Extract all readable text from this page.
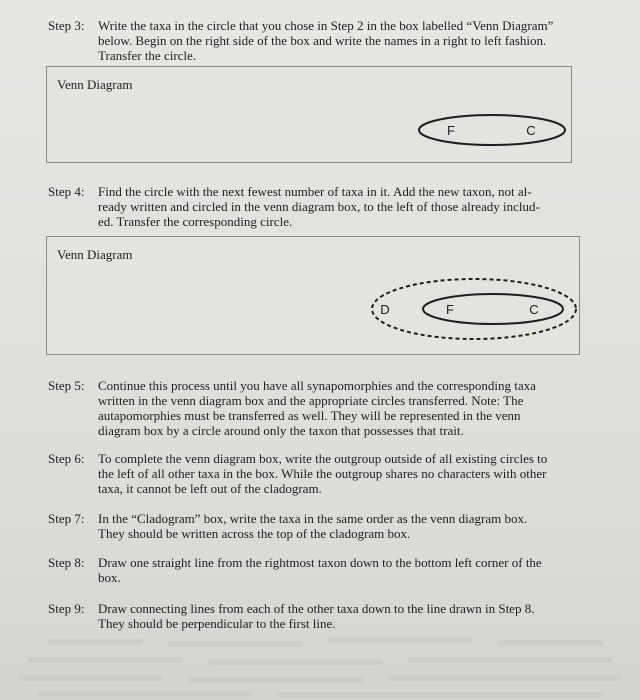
Step 3:	Write the taxa in the circle that you chose in Step 2 in the box labelled “Venn Diagram”
below. Begin on the right side of the box and write the names in a right to left fashion.
Transfer the circle.
Venn Diagram
F	C
Step 4:	Find the circle with the next fewest number of taxa in it. Add the new taxon, not al-
ready written and circled in the venn diagram box, to the left of those already includ-
ed. Transfer the corresponding circle.
Venn Diagram
D	F	C
Step 5:	Continue this process until you have all synapomorphies and the corresponding taxa
written in the venn diagram box and the appropriate circles transferred. Note: The
autapomorphies must be transferred as well. They will be represented in the venn
diagram box by a circle around only the taxon that possesses that trait.
Step 6:	To complete the venn diagram box, write the outgroup outside of all existing circles to
the left of all other taxa in the box. While the outgroup shares no characters with other
taxa, it cannot be left out of the cladogram.
Step 7:	In the “Cladogram” box, write the taxa in the same order as the venn diagram box.
They should be written across the top of the cladogram box.
Step 8:	Draw one straight line from the rightmost taxon down to the bottom left corner of the
box.
Step 9:	Draw connecting lines from each of the other taxa down to the line drawn in Step 8.
They should be perpendicular to the first line.
